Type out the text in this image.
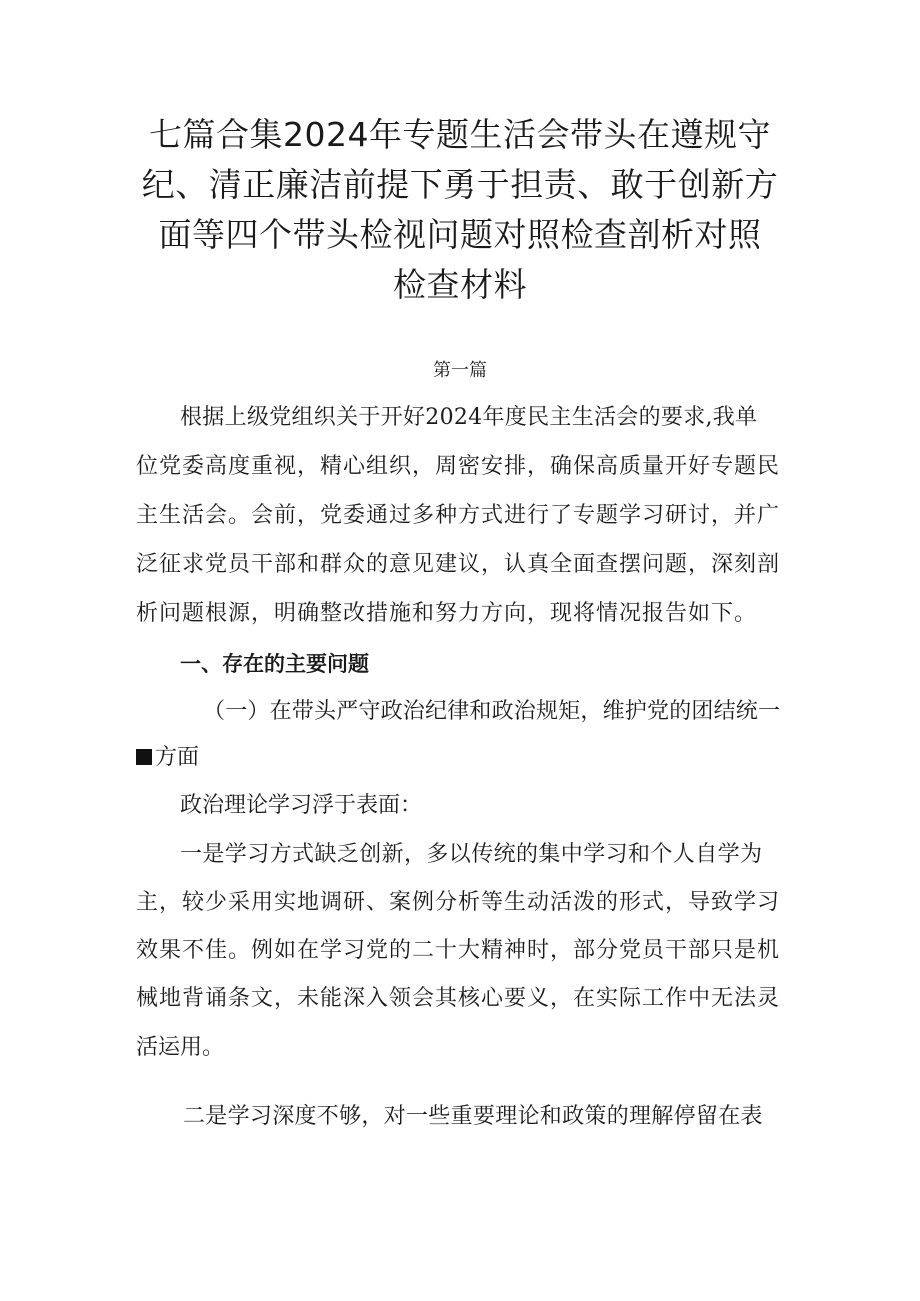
七篇合集2024年专题生活会带头在遵规守
纪、清正廉洁前提下勇于担责、敢于创新方
面等四个带头检视问题对照检查剖析对照
检查材料

第一篇

根据上级党组织关于开好2024年度民主生活会的要求,我单

位党委高度重视，精心组织，周密安排，确保高质量开好专题民

主生活会。会前，党委通过多种方式进行了专题学习研讨，并广

泛征求党员干部和群众的意见建议，认真全面查摆问题，深刻剖

析问题根源，明确整改措施和努力方向，现将情况报告如下。

一、存在的主要问题

（一）在带头严守政治纪律和政治规矩，维护党的团结统一

方面

政治理论学习浮于表面：

一是学习方式缺乏创新，多以传统的集中学习和个人自学为

主，较少采用实地调研、案例分析等生动活泼的形式，导致学习

效果不佳。例如在学习党的二十大精神时，部分党员干部只是机

械地背诵条文，未能深入领会其核心要义，在实际工作中无法灵

活运用。

二是学习深度不够，对一些重要理论和政策的理解停留在表
